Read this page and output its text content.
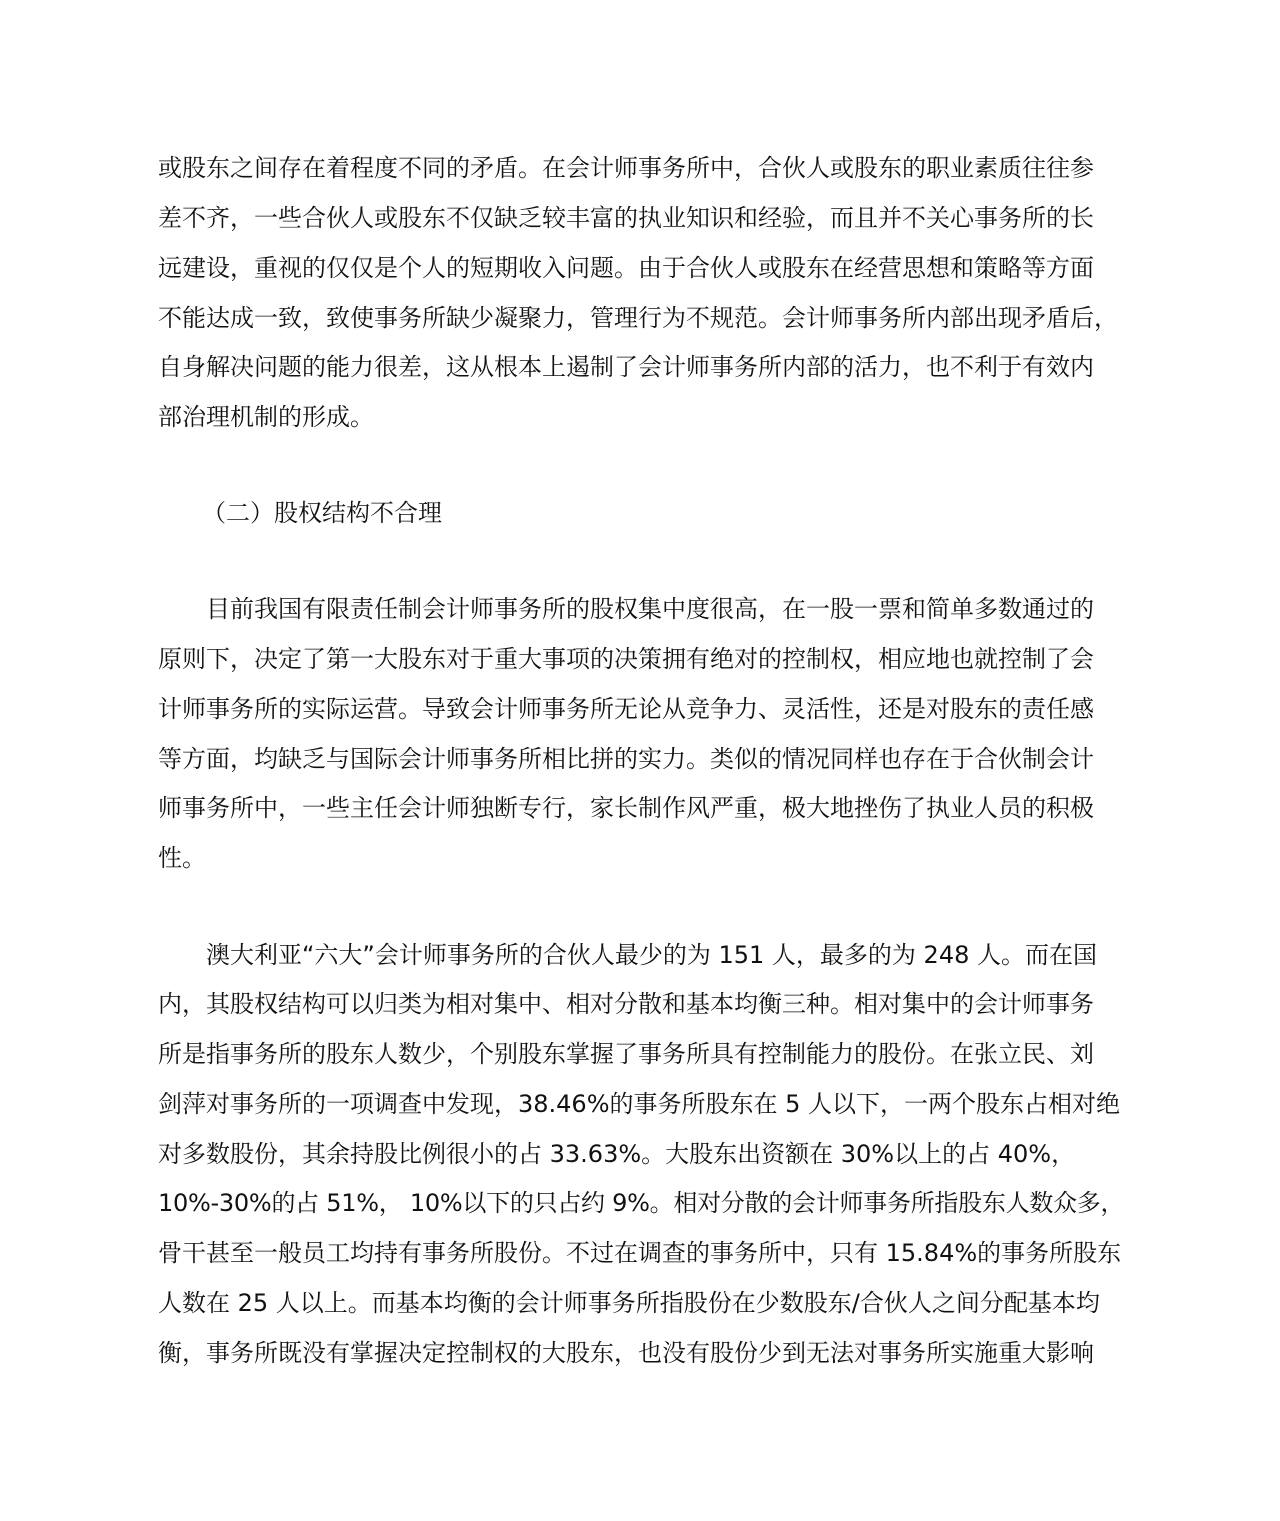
或股东之间存在着程度不同的矛盾。在会计师事务所中，合伙人或股东的职业素质往往参
差不齐，一些合伙人或股东不仅缺乏较丰富的执业知识和经验，而且并不关心事务所的长
远建设，重视的仅仅是个人的短期收入问题。由于合伙人或股东在经营思想和策略等方面
不能达成一致，致使事务所缺少凝聚力，管理行为不规范。会计师事务所内部出现矛盾后，
自身解决问题的能力很差，这从根本上遏制了会计师事务所内部的活力，也不利于有效内
部治理机制的形成。
（二）股权结构不合理
目前我国有限责任制会计师事务所的股权集中度很高，在一股一票和简单多数通过的
原则下，决定了第一大股东对于重大事项的决策拥有绝对的控制权，相应地也就控制了会
计师事务所的实际运营。导致会计师事务所无论从竞争力、灵活性，还是对股东的责任感
等方面，均缺乏与国际会计师事务所相比拼的实力。类似的情况同样也存在于合伙制会计
师事务所中，一些主任会计师独断专行，家长制作风严重，极大地挫伤了执业人员的积极
性。
澳大利亚“六大”会计师事务所的合伙人最少的为 151 人，最多的为 248 人。而在国
内，其股权结构可以归类为相对集中、相对分散和基本均衡三种。相对集中的会计师事务
所是指事务所的股东人数少，个别股东掌握了事务所具有控制能力的股份。在张立民、刘
剑萍对事务所的一项调查中发现，38.46%的事务所股东在 5 人以下，一两个股东占相对绝
对多数股份，其余持股比例很小的占 33.63%。大股东出资额在 30%以上的占 40%，
10%-30%的占 51%， 10%以下的只占约 9%。相对分散的会计师事务所指股东人数众多，
骨干甚至一般员工均持有事务所股份。不过在调查的事务所中，只有 15.84%的事务所股东
人数在 25 人以上。而基本均衡的会计师事务所指股份在少数股东/合伙人之间分配基本均
衡，事务所既没有掌握决定控制权的大股东，也没有股份少到无法对事务所实施重大影响
